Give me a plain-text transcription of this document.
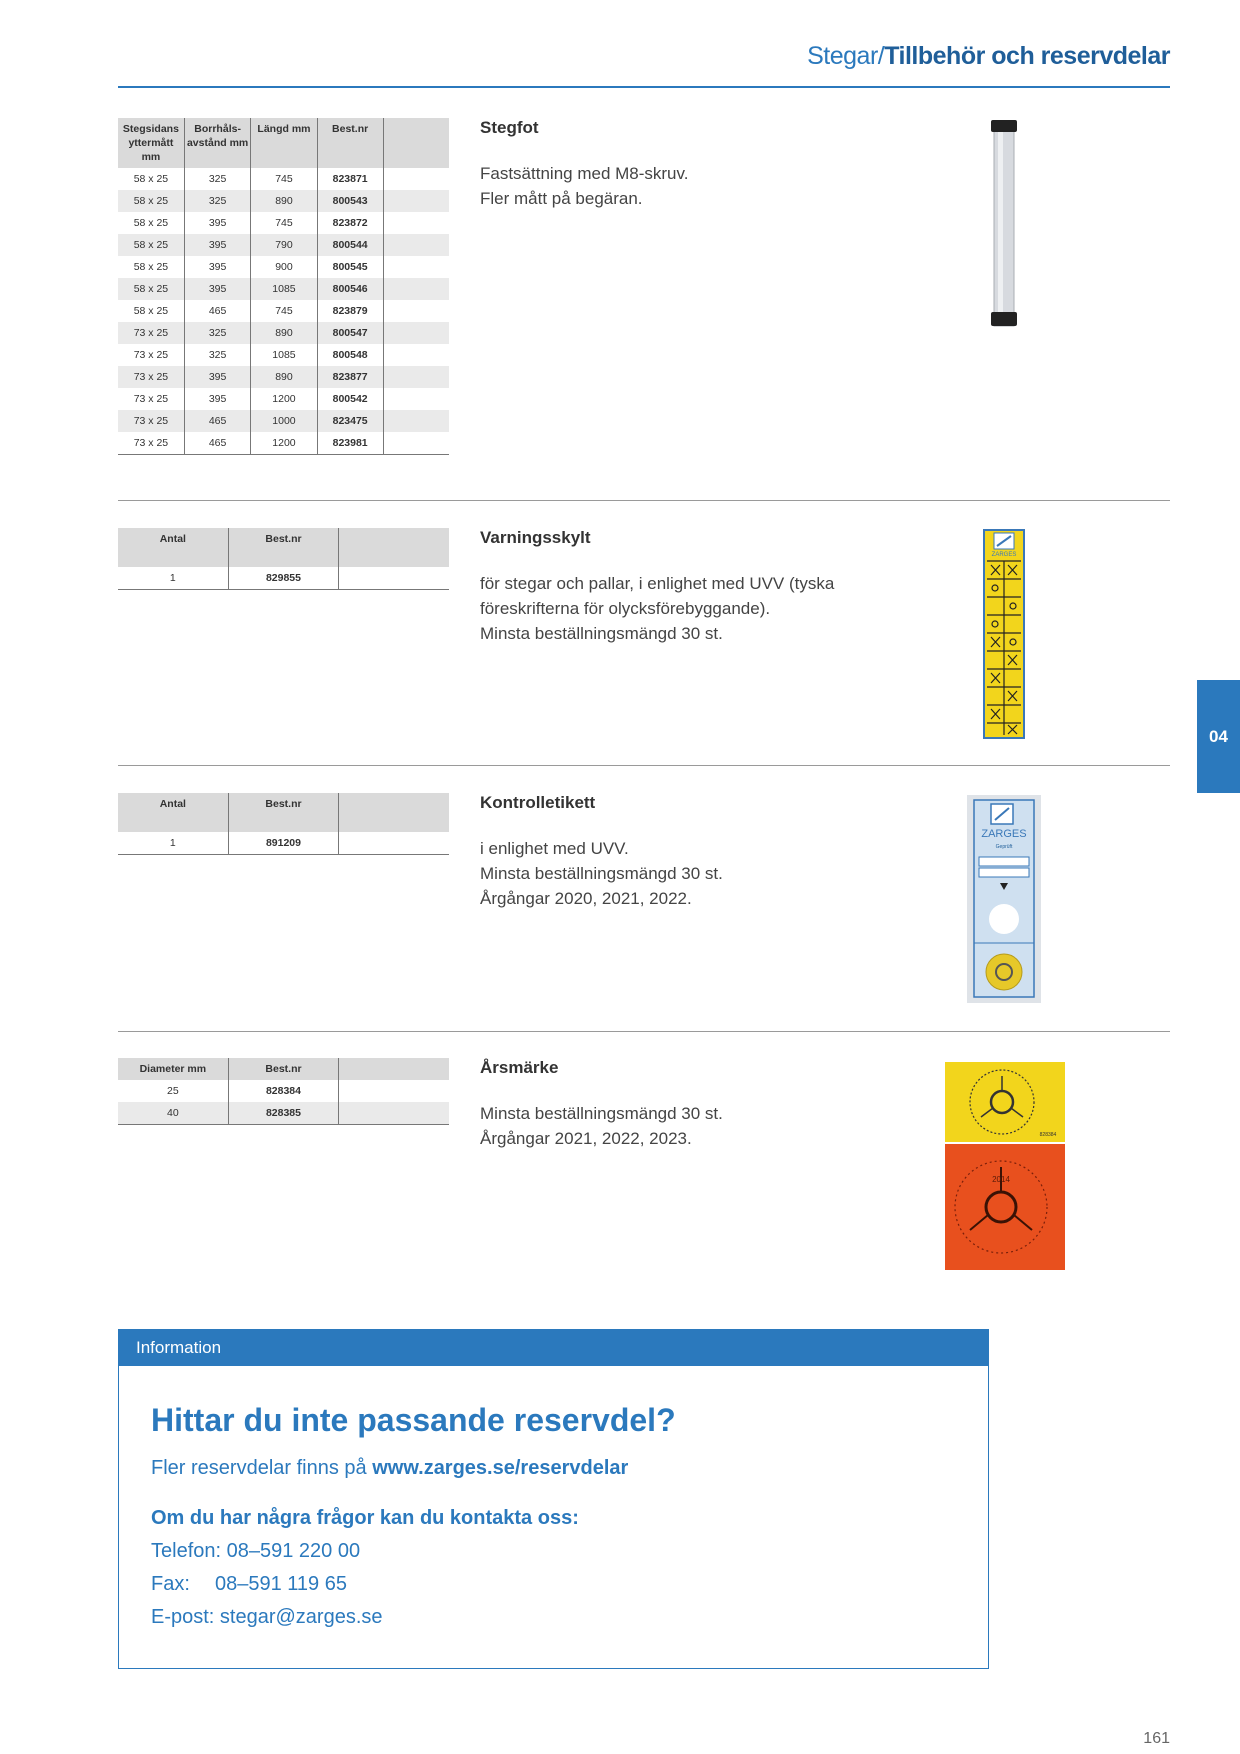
Stegar/Tillbehör och reservdelar
04
Stegsidans yttermått mm	Borrhåls-avstånd mm	Längd mm	Best.nr	
58 x 25	325	745	823871	
58 x 25	325	890	800543	
58 x 25	395	745	823872	
58 x 25	395	790	800544	
58 x 25	395	900	800545	
58 x 25	395	1085	800546	
58 x 25	465	745	823879	
73 x 25	325	890	800547	
73 x 25	325	1085	800548	
73 x 25	395	890	823877	
73 x 25	395	1200	800542	
73 x 25	465	1000	823475	
73 x 25	465	1200	823981	
Stegfot
Fastsättning med M8-skruv.
Fler mått på begäran.
Antal	Best.nr	
1	829855	
Varningsskylt
för stegar och pallar, i enlighet med UVV (tyska
föreskrifterna för olycksförebyggande).
Minsta beställningsmängd 30 st.
ZARGES
Antal	Best.nr	
1	891209	
Kontrolletikett
i enlighet med UVV.
Minsta beställningsmängd 30 st.
Årgångar 2020, 2021, 2022.
ZARGES
Geprüft
Diameter mm	Best.nr	
25	828384	
40	828385	
Årsmärke
Minsta beställningsmängd 30 st.
Årgångar 2021, 2022, 2023.	828384
2014
Information
Hittar du inte passande reservdel?
Fler reservdelar finns på www.zarges.se/reservdelar
Om du har några frågor kan du kontakta oss:
Telefon: 08–591 220 00
Fax: 08–591 119 65
E-post: stegar@zarges.se
161
